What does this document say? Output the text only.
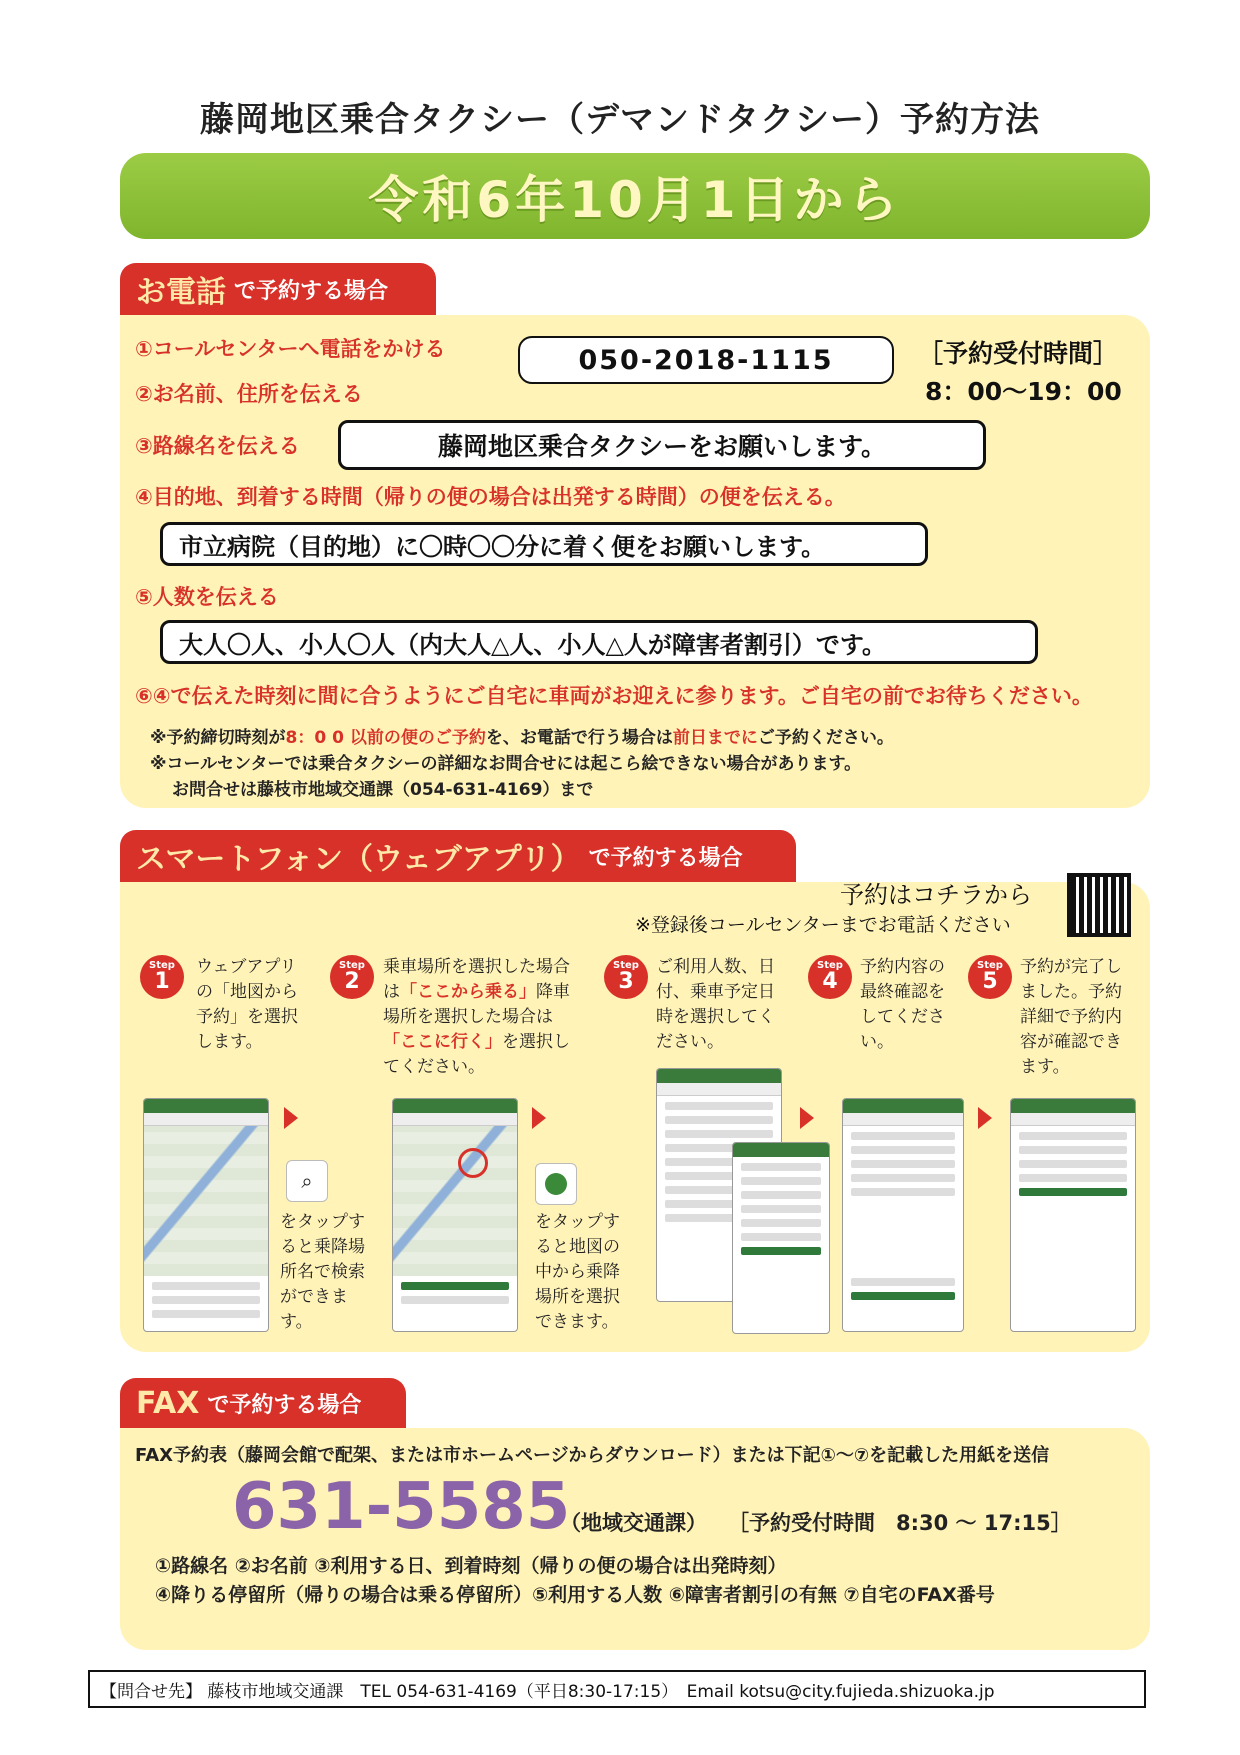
藤岡地区乗合タクシー（デマンドタクシー）予約方法
令和6年10月1日から
お電話 で予約する場合
①コールセンターへ電話をかける
②お名前、住所を伝える
050-2018-1115	［予約受付時間］
8：00〜19：00
③路線名を伝える	藤岡地区乗合タクシーをお願いします。
④目的地、到着する時間（帰りの便の場合は出発する時間）の便を伝える。
市立病院（目的地）に〇時〇〇分に着く便をお願いします。
⑤人数を伝える
大人〇人、小人〇人（内大人△人、小人△人が障害者割引）です。
⑥④で伝えた時刻に間に合うようにご自宅に車両がお迎えに参ります。ご自宅の前でお待ちください。
※予約締切時刻が8：0 0 以前の便のご予約を、お電話で行う場合は前日までにご予約ください。
※コールセンターでは乗合タクシーの詳細なお問合せには起こら絵できない場合があります。
お問合せは藤枝市地域交通課（054-631-4169）まで
スマートフォン（ウェブアプリ） で予約する場合
予約はコチラから
※登録後コールセンターまでお電話ください
Step
1
ウェブアプリの「地図から予約」を選択します。
Step
2
乗車場所を選択した場合は「ここから乗る」降車場所を選択した場合は「ここに行く」を選択してください。
Step
3
ご利用人数、日付、乗車予定日時を選択してください。
Step
4
予約内容の最終確認をしてください。
Step
5
予約が完了しました。予約詳細で予約内容が確認できます。
⌕
をタップすると乗降場所名で検索ができます。
をタップすると地図の中から乗降場所を選択できます。
FAX で予約する場合
FAX予約表（藤岡会館で配架、または市ホームページからダウンロード）または下記①〜⑦を記載した用紙を送信
631-5585
（地域交通課） ［予約受付時間　8:30 〜 17:15］
①路線名 ②お名前 ③利用する日、到着時刻（帰りの便の場合は出発時刻）
④降りる停留所（帰りの場合は乗る停留所）⑤利用する人数 ⑥障害者割引の有無 ⑦自宅のFAX番号
【問合せ先】 藤枝市地域交通課　TEL 054-631-4169（平日8:30-17:15）　Email kotsu@city.fujieda.shizuoka.jp
